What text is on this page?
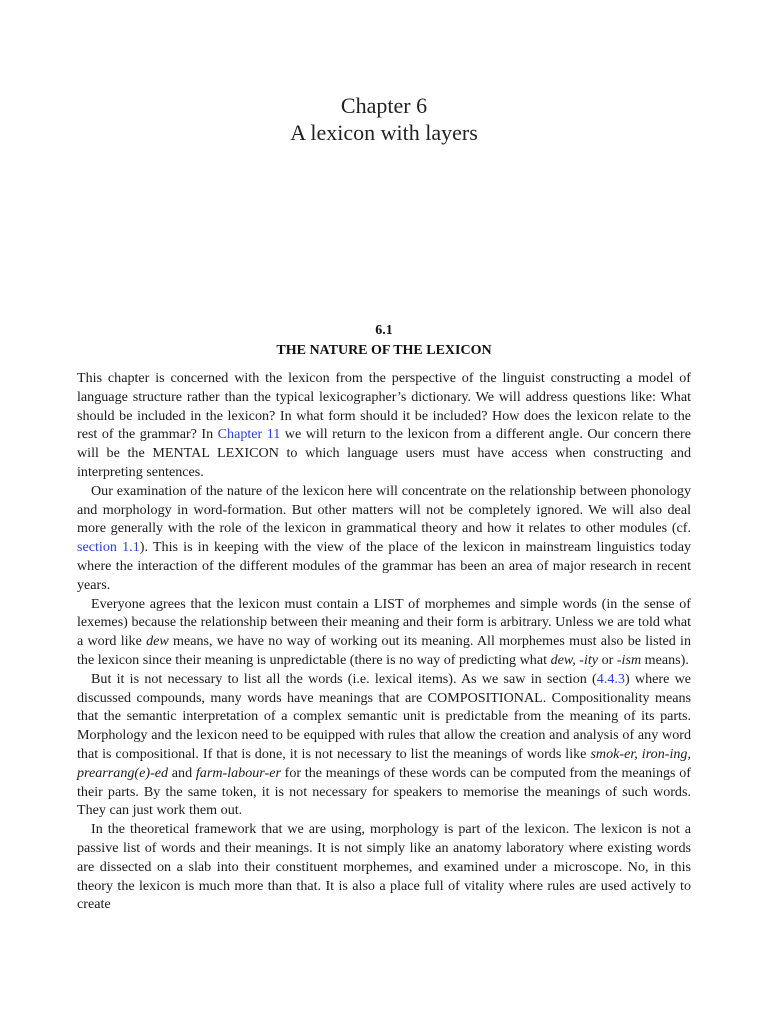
Chapter 6
A lexicon with layers
6.1
THE NATURE OF THE LEXICON

This chapter is concerned with the lexicon from the perspective of the linguist constructing a model of language structure rather than the typical lexicographer’s dictionary. We will address questions like: What should be included in the lexicon? In what form should it be included? How does the lexicon relate to the rest of the grammar? In Chapter 11 we will return to the lexicon from a different angle. Our concern there will be the MENTAL LEXICON to which language users must have access when constructing and interpreting sentences.

Our examination of the nature of the lexicon here will concentrate on the relationship between phonology and morphology in word-formation. But other matters will not be completely ignored. We will also deal more generally with the role of the lexicon in grammatical theory and how it relates to other modules (cf. section 1.1). This is in keeping with the view of the place of the lexicon in mainstream linguistics today where the interaction of the different modules of the grammar has been an area of major research in recent years.

Everyone agrees that the lexicon must contain a LIST of morphemes and simple words (in the sense of lexemes) because the relationship between their meaning and their form is arbitrary. Unless we are told what a word like dew means, we have no way of working out its meaning. All morphemes must also be listed in the lexicon since their meaning is unpredictable (there is no way of predicting what dew, -ity or -ism means).

But it is not necessary to list all the words (i.e. lexical items). As we saw in section (4.4.3) where we discussed compounds, many words have meanings that are COMPOSITIONAL. Compositionality means that the semantic interpretation of a complex semantic unit is predictable from the meaning of its parts. Morphology and the lexicon need to be equipped with rules that allow the creation and analysis of any word that is compositional. If that is done, it is not necessary to list the meanings of words like smok-er, iron-ing, prearrang(e)-ed and farm-labour-er for the meanings of these words can be computed from the meanings of their parts. By the same token, it is not necessary for speakers to memorise the meanings of such words. They can just work them out.

In the theoretical framework that we are using, morphology is part of the lexicon. The lexicon is not a passive list of words and their meanings. It is not simply like an anatomy laboratory where existing words are dissected on a slab into their constituent morphemes, and examined under a microscope. No, in this theory the lexicon is much more than that. It is also a place full of vitality where rules are used actively to create
